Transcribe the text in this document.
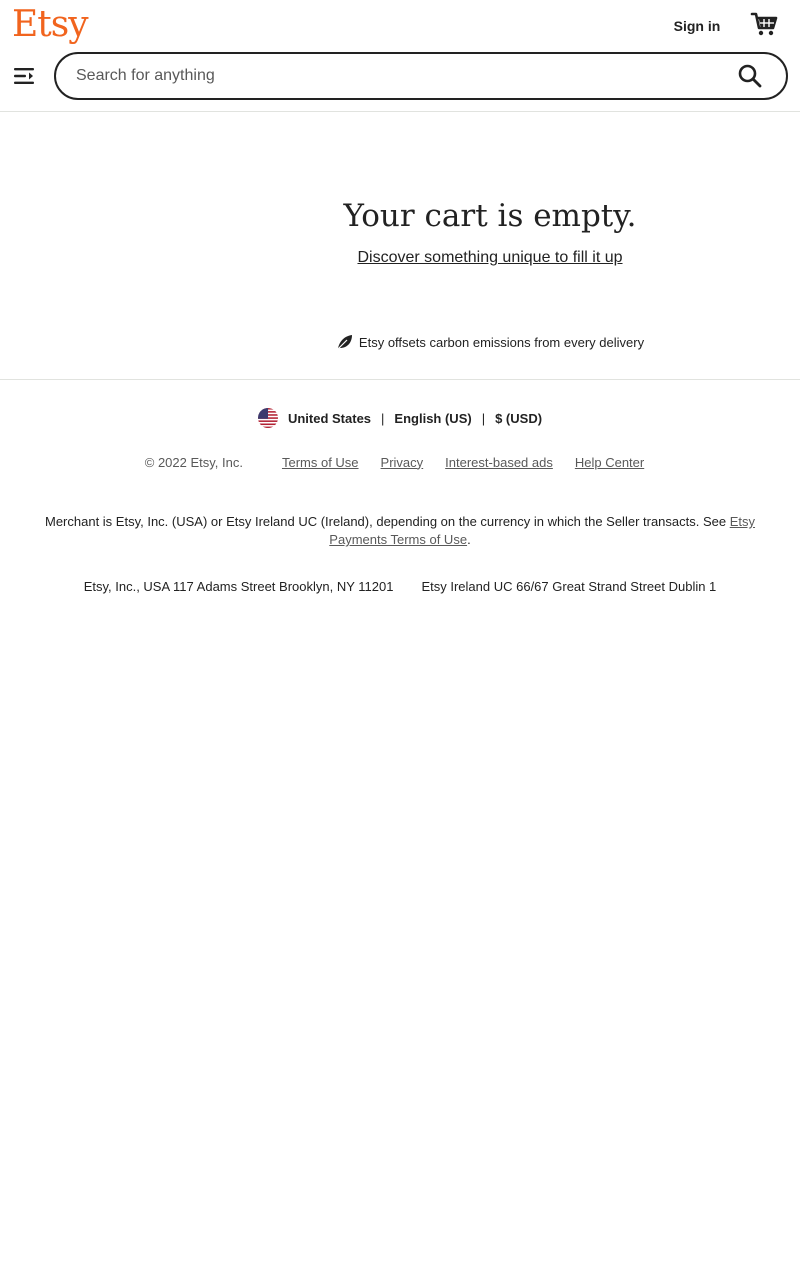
Etsy	Sign in
Search for anything
Your cart is empty.
Discover something unique to fill it up
Etsy offsets carbon emissions from every delivery
United States | English (US) | $ (USD)
© 2022 Etsy, Inc.	Terms of Use Privacy Interest-based ads Help Center
Merchant is Etsy, Inc. (USA) or Etsy Ireland UC (Ireland), depending on the currency in which the Seller transacts. See Etsy Payments Terms of Use.
Etsy, Inc., USA 117 Adams Street Brooklyn, NY 11201 Etsy Ireland UC 66/67 Great Strand Street Dublin 1
